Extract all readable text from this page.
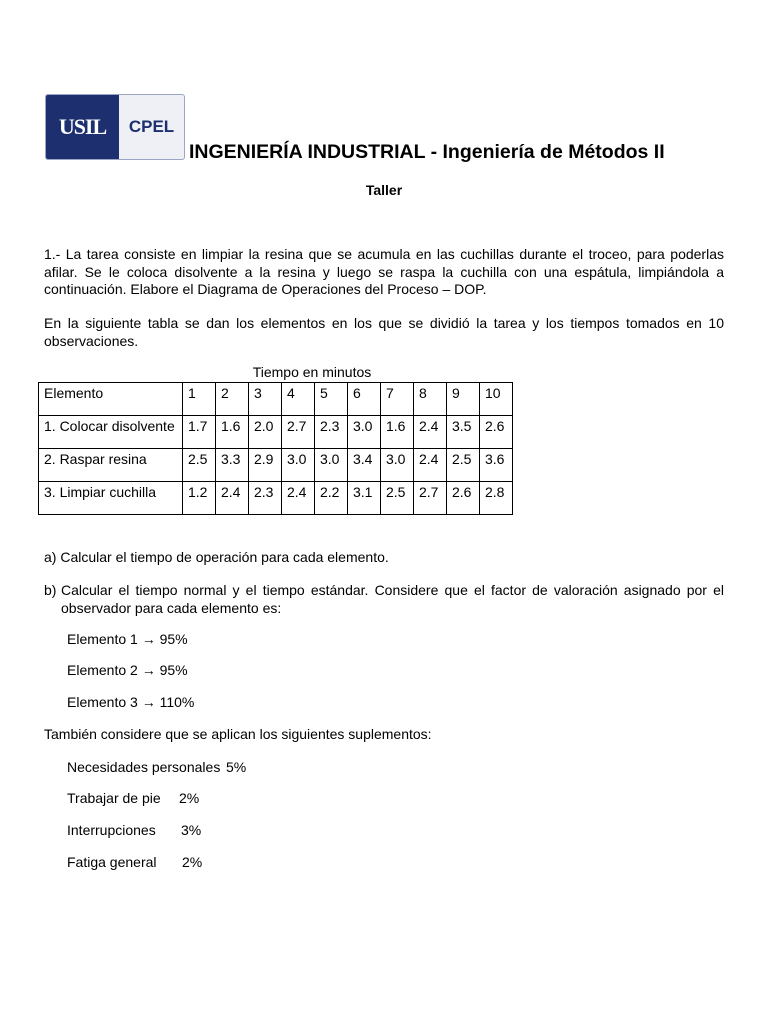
USIL	CPEL
INGENIERÍA INDUSTRIAL - Ingeniería de Métodos II
Taller
1.- La tarea consiste en limpiar la resina que se acumula en las cuchillas durante el troceo, para poderlas afilar. Se le coloca disolvente a la resina y luego se raspa la cuchilla con una espátula, limpiándola a continuación. Elabore el Diagrama de Operaciones del Proceso – DOP.
En la siguiente tabla se dan los elementos en los que se dividió la tarea y los tiempos tomados en 10 observaciones.
Tiempo en minutos
Elemento	1	2	3	4	5	6	7	8	9	10
1. Colocar disolvente	1.7	1.6	2.0	2.7	2.3	3.0	1.6	2.4	3.5	2.6
2. Raspar resina	2.5	3.3	2.9	3.0	3.0	3.4	3.0	2.4	2.5	3.6
3. Limpiar cuchilla	1.2	2.4	2.3	2.4	2.2	3.1	2.5	2.7	2.6	2.8
a) Calcular el tiempo de operación para cada elemento.
b) Calcular el tiempo normal y el tiempo estándar. Considere que el factor de valoración asignado por el observador para cada elemento es:
Elemento 1 → 95%
Elemento 2 → 95%
Elemento 3 → 110%
También considere que se aplican los siguientes suplementos:
Necesidades personales 5%
Trabajar de pie 2%
Interrupciones 3%
Fatiga general 2%
